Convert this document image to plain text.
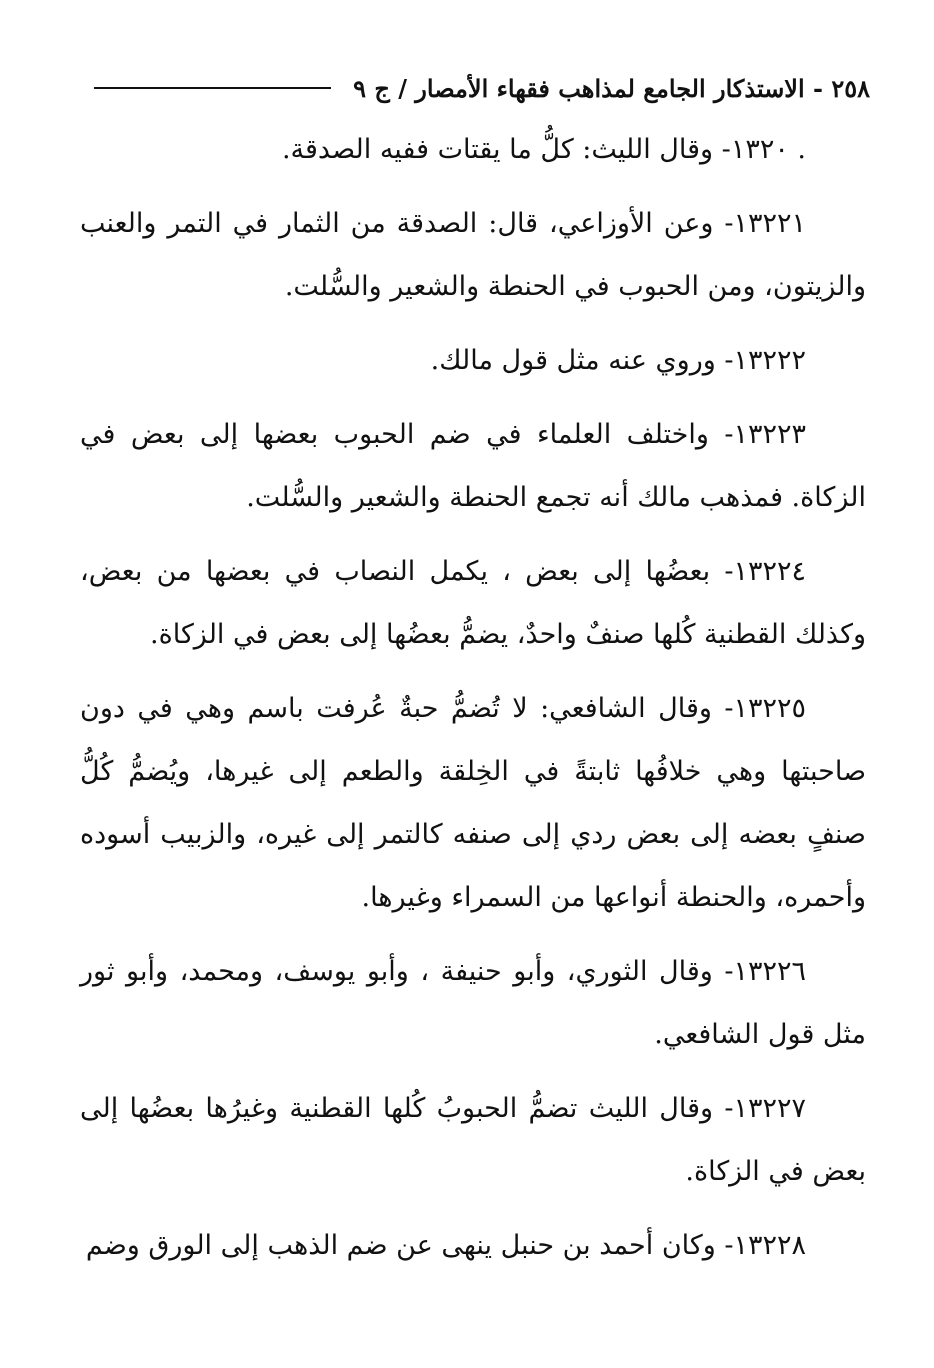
٢٥٨ - الاستذكار الجامع لمذاهب فقهاء الأمصار / ج ٩

. ١٣٢٠- وقال الليث: كلُّ ما يقتات ففيه الصدقة.

١٣٢٢١- وعن الأوزاعي، قال: الصدقة من الثمار في التمر والعنب والزيتون، ومن الحبوب في الحنطة والشعير والسُّلت.

١٣٢٢٢- وروي عنه مثل قول مالك.

١٣٢٢٣- واختلف العلماء في ضم الحبوب بعضها إلى بعض في الزكاة. فمذهب مالك أنه تجمع الحنطة والشعير والسُّلت.

١٣٢٢٤- بعضُها إلى بعض ، يكمل النصاب في بعضها من بعض، وكذلك القطنية كُلها صنفٌ واحدٌ، يضمُّ بعضُها إلى بعض في الزكاة.

١٣٢٢٥- وقال الشافعي: لا تُضمُّ حبةٌ عُرفت باسم وهي في دون صاحبتها وهي خلافُها ثابتةً في الخِلقة والطعم إلى غيرها، ويُضمُّ كُلُّ صنفٍ بعضه إلى بعض ردي إلى صنفه كالتمر إلى غيره، والزبيب أسوده وأحمره، والحنطة أنواعها من السمراء وغيرها.

١٣٢٢٦- وقال الثوري، وأبو حنيفة ، وأبو يوسف، ومحمد، وأبو ثور مثل قول الشافعي.

١٣٢٢٧- وقال الليث تضمُّ الحبوبُ كُلها القطنية وغيرُها بعضُها إلى بعض في الزكاة.

١٣٢٢٨- وكان أحمد بن حنبل ينهى عن ضم الذهب إلى الورق وضم
